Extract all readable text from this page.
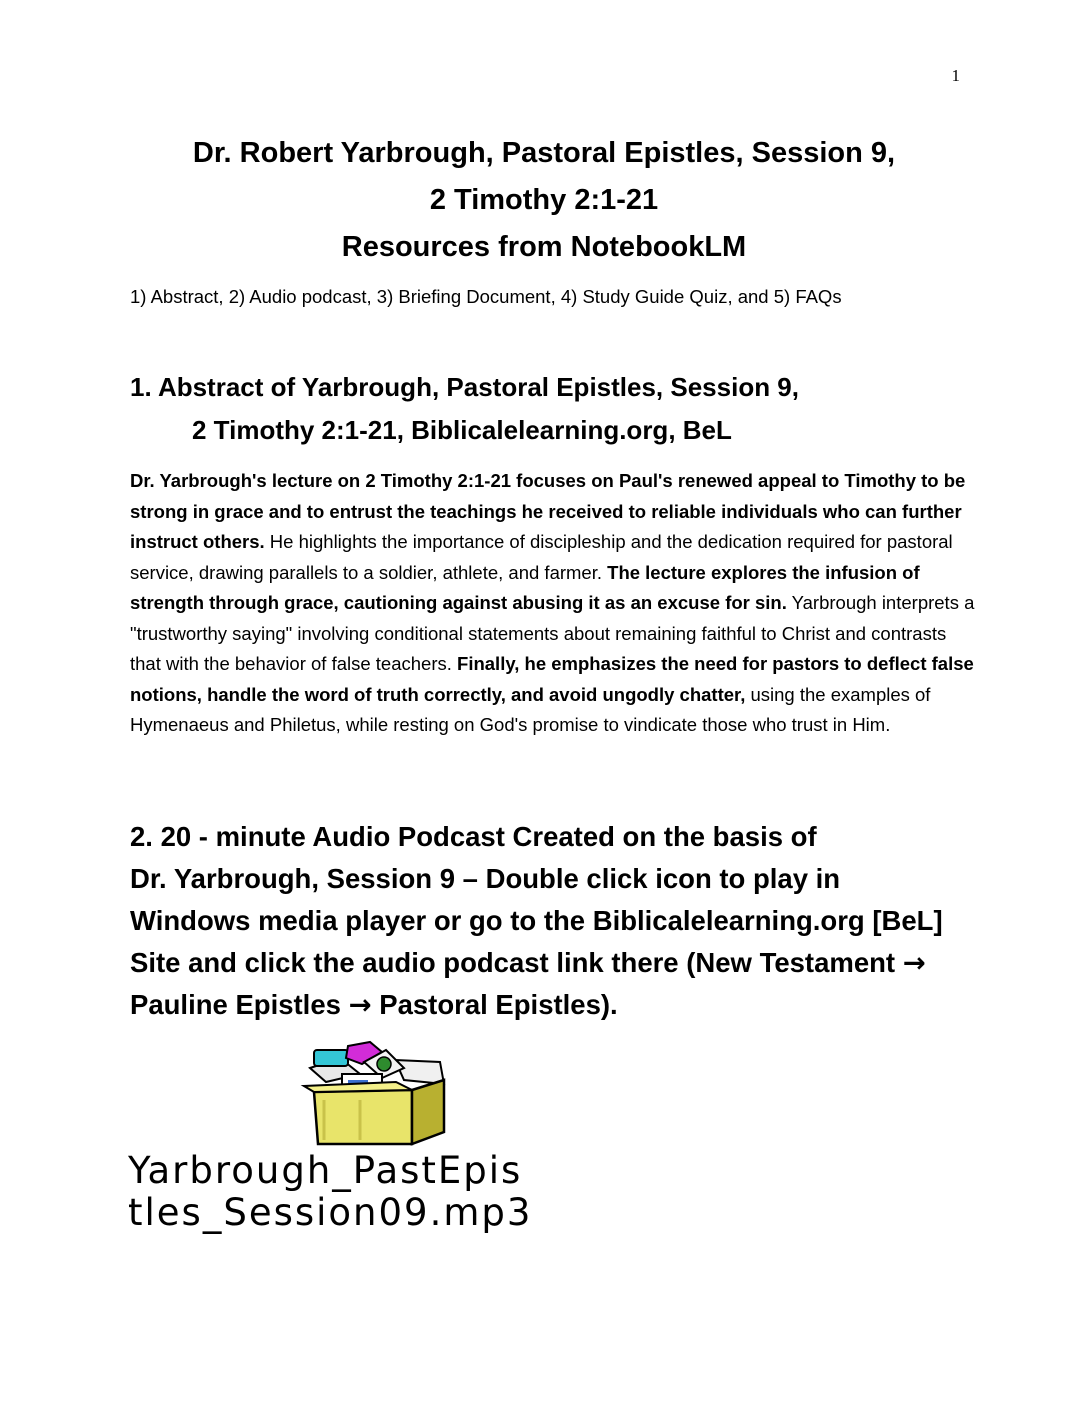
1
Dr. Robert Yarbrough, Pastoral Epistles, Session 9,
2 Timothy 2:1-21
Resources from NotebookLM
1) Abstract, 2) Audio podcast, 3) Briefing Document, 4) Study Guide Quiz, and 5) FAQs
1. Abstract of Yarbrough, Pastoral Epistles, Session 9,
2 Timothy 2:1-21, Biblicalelearning.org, BeL
Dr. Yarbrough's lecture on 2 Timothy 2:1-21 focuses on Paul's renewed appeal to Timothy to be strong in grace and to entrust the teachings he received to reliable individuals who can further instruct others. He highlights the importance of discipleship and the dedication required for pastoral service, drawing parallels to a soldier, athlete, and farmer. The lecture explores the infusion of strength through grace, cautioning against abusing it as an excuse for sin. Yarbrough interprets a "trustworthy saying" involving conditional statements about remaining faithful to Christ and contrasts that with the behavior of false teachers. Finally, he emphasizes the need for pastors to deflect false notions, handle the word of truth correctly, and avoid ungodly chatter, using the examples of Hymenaeus and Philetus, while resting on God's promise to vindicate those who trust in Him.
2. 20 - minute Audio Podcast Created on the basis of
Dr. Yarbrough, Session 9 – Double click icon to play in
Windows media player or go to the Biblicalelearning.org [BeL]
Site and click the audio podcast link there (New Testament →
Pauline Epistles → Pastoral Epistles).
Yarbrough_PastEpis
tles_Session09.mp3
